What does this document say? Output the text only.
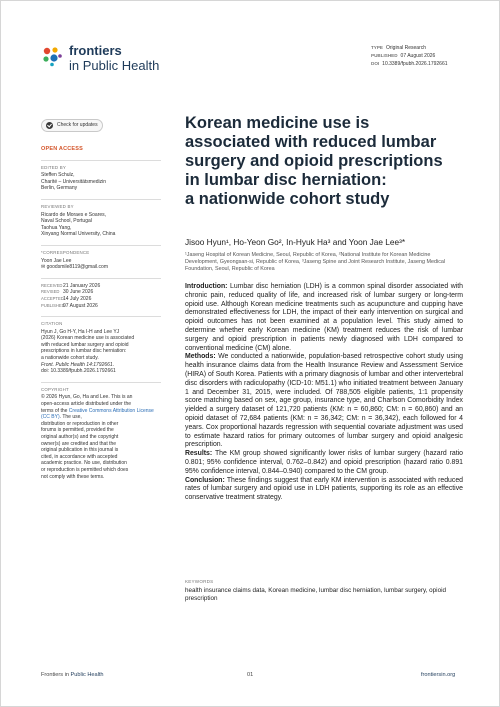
frontiers
in Public Health
TYPE Original Research
PUBLISHED 07 August 2026
DOI 10.3389/fpubh.2026.1792661
Check for updates
OPEN ACCESS
EDITED BY
Steffen Schulz,
Charité – Universitätsmedizin
Berlin, Germany
REVIEWED BY
Ricardo de Moraes e Soares,
Naval School, Portugal
Taohua Yang,
Xinyang Normal University, China
*CORRESPONDENCE
Yoon Jae Lee
✉ goodsmile8119@gmail.com
RECEIVED 21 January 2026
REVISED 30 June 2026
ACCEPTED 14 July 2026
PUBLISHED
07 August 2026
CITATION
Hyun J, Go H-Y, Ha I-H and Lee YJ
(2026) Korean medicine use is associated
with reduced lumbar surgery and opioid
prescriptions in lumbar disc herniation:
a nationwide cohort study.
Front. Public Health 14:1792661.
doi: 10.3389/fpubh.2026.1792661
COPYRIGHT
© 2026 Hyun, Go, Ha and Lee. This is an
open-access article distributed under the
terms of the Creative Commons Attribution License (CC BY). The use,
distribution or reproduction in other
forums is permitted, provided the
original author(s) and the copyright
owner(s) are credited and that the
original publication in this journal is
cited, in accordance with accepted
academic practice. No use, distribution
or reproduction is permitted which does
not comply with these terms.
Korean medicine use is
associated with reduced lumbar
surgery and opioid prescriptions
in lumbar disc herniation:
a nationwide cohort study
Jisoo Hyun¹, Ho-Yeon Go², In-Hyuk Ha³ and Yoon Jae Lee³*
¹Jaseng Hospital of Korean Medicine, Seoul, Republic of Korea, ²National Institute for Korean Medicine Development, Gyeongsan-si, Republic of Korea, ³Jaseng Spine and Joint Research Institute, Jaseng Medical Foundation, Seoul, Republic of Korea

Introduction: Lumbar disc herniation (LDH) is a common spinal disorder associated with chronic pain, reduced quality of life, and increased risk of lumbar surgery or long-term opioid use. Although Korean medicine treatments such as acupuncture and cupping have demonstrated effectiveness for LDH, the impact of their early intervention on surgical and opioid outcomes has not been examined at a population level. This study aimed to determine whether early Korean medicine (KM) treatment reduces the risk of lumbar surgery and opioid prescription in patients newly diagnosed with LDH compared to conventional medicine (CM) alone.

Methods: We conducted a nationwide, population-based retrospective cohort study using health insurance claims data from the Health Insurance Review and Assessment Service (HIRA) of South Korea. Patients with a primary diagnosis of lumbar and other intervertebral disc disorders with radiculopathy (ICD-10: M51.1) who initiated treatment between January 1 and December 31, 2015, were included. Of 788,505 eligible patients, 1:1 propensity score matching based on sex, age group, insurance type, and Charlson Comorbidity Index yielded a surgery dataset of 121,720 patients (KM: n = 60,860; CM: n = 60,860) and an opioid dataset of 72,684 patients (KM: n = 36,342; CM: n = 36,342), each followed for 4 years. Cox proportional hazards regression with sequential covariate adjustment was used to estimate hazard ratios for primary outcomes of lumbar surgery and opioid analgesic prescription.

Results: The KM group showed significantly lower risks of lumbar surgery (hazard ratio 0.801; 95% confidence interval, 0.762–0.842) and opioid prescription (hazard ratio 0.891 95% confidence interval, 0.844–0.940) compared to the CM group.

Conclusion: These findings suggest that early KM intervention is associated with reduced rates of lumbar surgery and opioid use in LDH patients, supporting its role as an effective conservative treatment strategy.

KEYWORDS
health insurance claims data, Korean medicine, lumbar disc herniation, lumbar surgery, opioid prescription
Frontiers in Public Health	01	frontiersin.org
